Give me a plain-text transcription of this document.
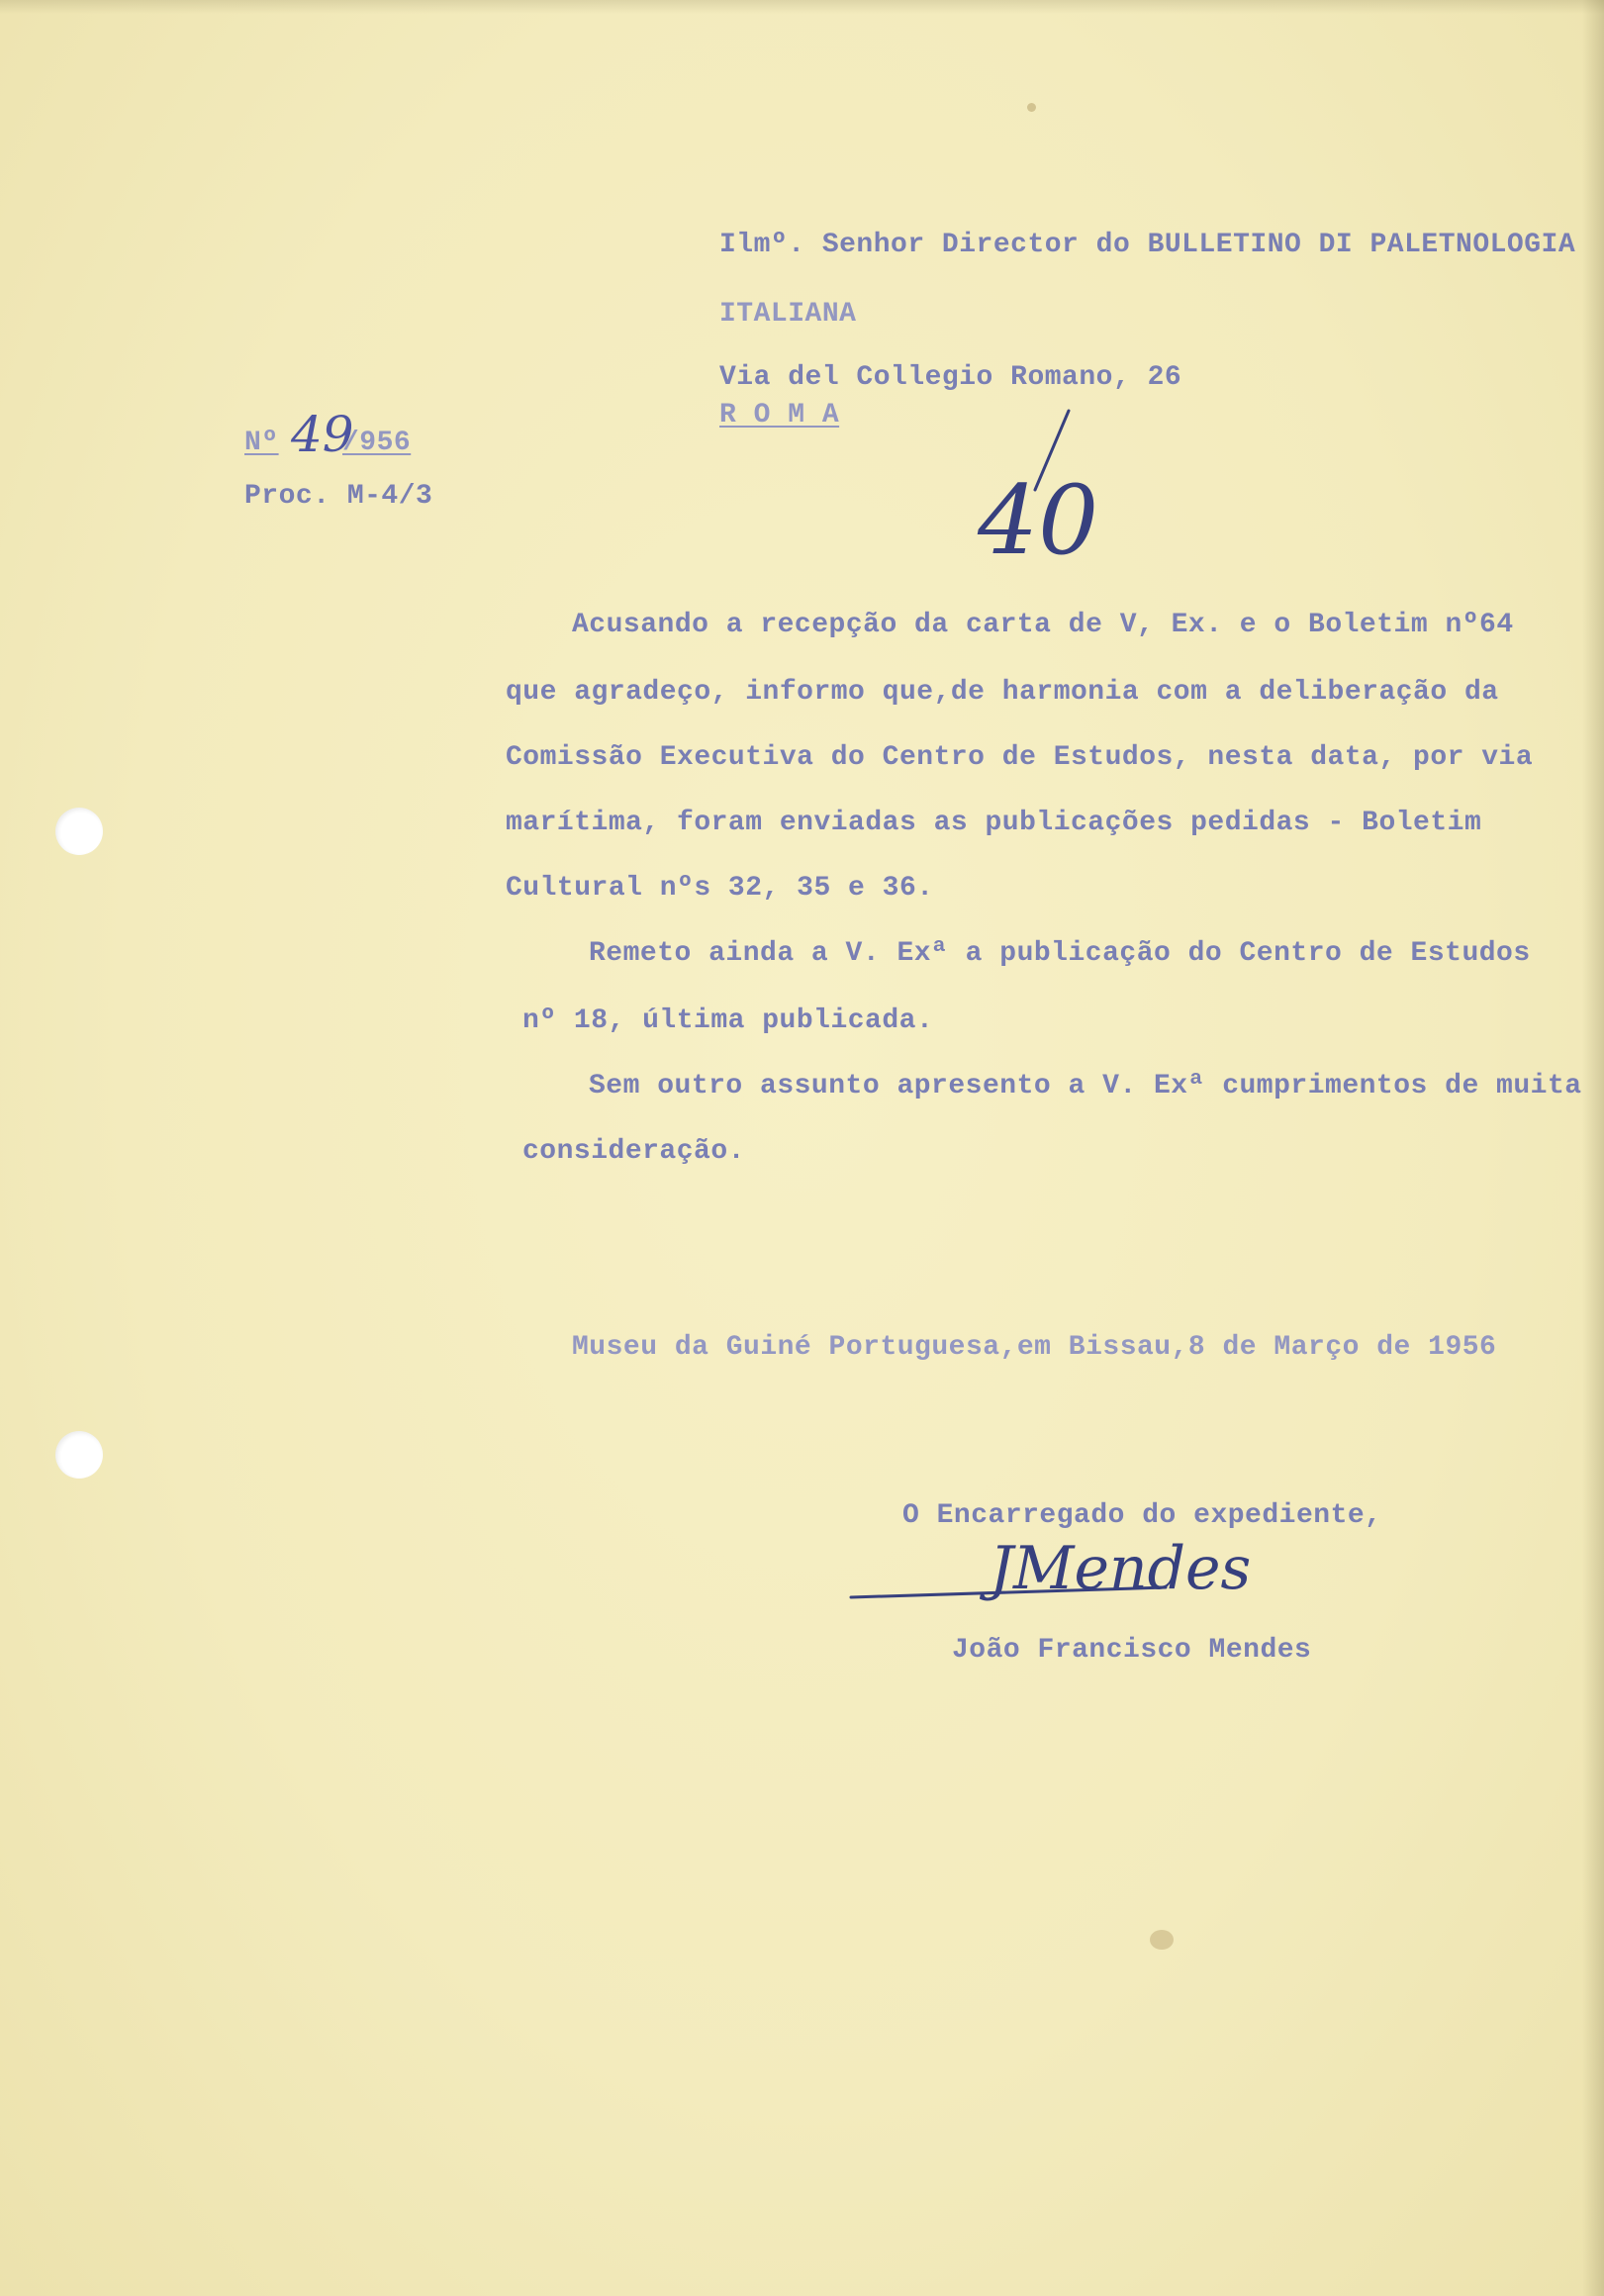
Ilmº. Senhor Director do BULLETINO DI PALETNOLOGIA

ITALIANA

Via del Collegio Romano, 26

R O M A

Nº 49

/956

Proc. M-4/3	40

Acusando a recepção da carta de V, Ex. e o Boletim nº64

que agradeço, informo que,de harmonia com a deliberação da

Comissão Executiva do Centro de Estudos, nesta data, por via

marítima, foram enviadas as publicações pedidas - Boletim

Cultural nºs 32, 35 e 36.

Remeto ainda a V. Exª a publicação do Centro de Estudos

nº 18, última publicada.

Sem outro assunto apresento a V. Exª cumprimentos de muita

consideração.

Museu da Guiné Portuguesa,em Bissau,8 de Março de 1956

O Encarregado do expediente,

JMendes

João Francisco Mendes
